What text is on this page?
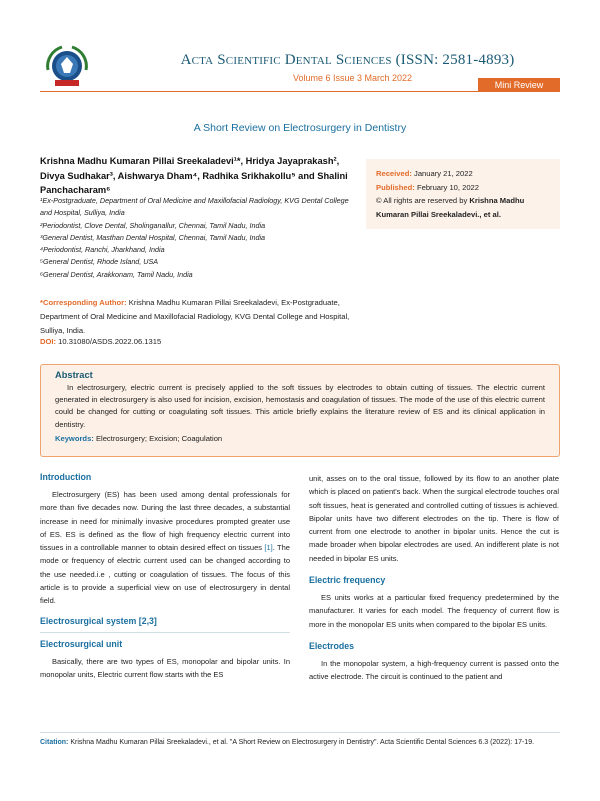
Acta Scientific Dental Sciences (ISSN: 2581-4893)
Volume 6 Issue 3 March 2022
Mini Review
A Short Review on Electrosurgery in Dentistry
Krishna Madhu Kumaran Pillai Sreekaladevi¹*, Hridya Jayaprakash², Divya Sudhakar³, Aishwarya Dham⁴, Radhika Srikhakollu⁵ and Shalini Panchacharam⁶
¹Ex-Postgraduate, Department of Oral Medicine and Maxillofacial Radiology, KVG Dental College and Hospital, Sulliya, India
²Periodontist, Clove Dental, Sholinganallur, Chennai, Tamil Nadu, India
³General Dentist, Masthan Dental Hospital, Chennai, Tamil Nadu, India
⁴Periodontist, Ranchi, Jharkhand, India
⁵General Dentist, Rhode Island, USA
⁶General Dentist, Arakkonam, Tamil Nadu, India
*Corresponding Author: Krishna Madhu Kumaran Pillai Sreekaladevi, Ex-Postgraduate, Department of Oral Medicine and Maxillofacial Radiology, KVG Dental College and Hospital, Sulliya, India.
DOI: 10.31080/ASDS.2022.06.1315
Received: January 21, 2022
Published: February 10, 2022
© All rights are reserved by Krishna Madhu Kumaran Pillai Sreekaladevi., et al.
Abstract
In electrosurgery, electric current is precisely applied to the soft tissues by electrodes to obtain cutting of tissues. The electric current generated in electrosurgery is also used for incision, excision, hemostasis and coagulation of tissues. The mode of the use of this electric current could be changed for cutting or coagulating soft tissues. This article briefly explains the literature review of ES and its clinical application in dentistry.
Keywords: Electrosurgery; Excision; Coagulation
Introduction
Electrosurgery (ES) has been used among dental professionals for more than five decades now. During the last three decades, a substantial increase in need for minimally invasive procedures prompted greater use of ES. ES is defined as the flow of high frequency electric current into tissues in a controllable manner to obtain desired effect on tissues [1]. The mode or frequency of electric current used can be changed according to the use needed.i.e , cutting or coagulation of tissues. The focus of this article is to provide a superficial view on use of electrosurgery in dental field.
Electrosurgical system [2,3]
Electrosurgical unit
Basically, there are two types of ES, monopolar and bipolar units. In monopolar units, Electric current flow starts with the ES
unit, asses on to the oral tissue, followed by its flow to an another plate which is placed on patient's back. When the surgical electrode touches oral soft tissues, heat is generated and controlled cutting of tissues is achieved. Bipolar units have two different electrodes on the tip. There is flow of current from one electrode to another in bipolar units. Hence the cut is made broader when bipolar electrodes are used. An indifferent plate is not needed in bipolar ES units.
Electric frequency
ES units works at a particular fixed frequency predetermined by the manufacturer. It varies for each model. The frequency of current flow is more in the monopolar ES units when compared to the bipolar ES units.
Electrodes
In the monopolar system, a high-frequency current is passed onto the active electrode. The circuit is continued to the patient and
Citation: Krishna Madhu Kumaran Pillai Sreekaladevi., et al. "A Short Review on Electrosurgery in Dentistry". Acta Scientific Dental Sciences 6.3 (2022): 17-19.
